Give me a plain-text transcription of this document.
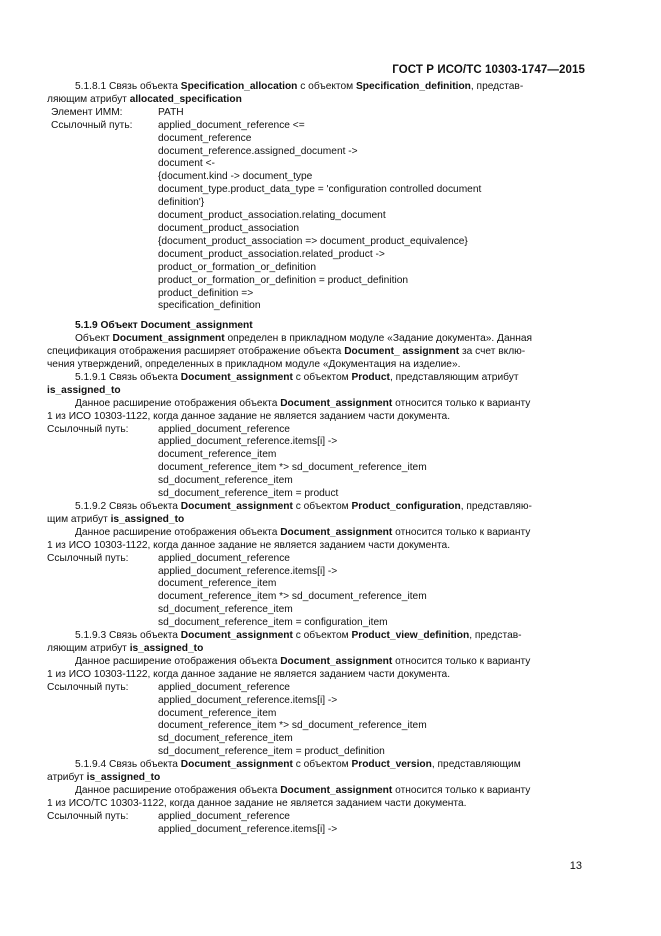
ГОСТ Р ИСО/ТС 10303-1747—2015

5.1.8.1 Связь объекта Specification_allocation с объектом Specification_definition, представ-

ляющим атрибут allocated_specification

Элемент ИММ:	PATH
Ссылочный путь:	applied_document_reference <=
document_reference
document_reference.assigned_document ->
document <-
{document.kind -> document_type
document_type.product_data_type = 'configuration controlled document
definition'}
document_product_association.relating_document
document_product_association
{document_product_association => document_product_equivalence}
document_product_association.related_product ->
product_or_formation_or_definition
product_or_formation_or_definition = product_definition
product_definition =>
specification_definition

5.1.9 Объект Document_assignment

Объект Document_assignment определен в прикладном модуле «Задание документа». Данная

спецификация отображения расширяет отображение объекта Document_ assignment за счет вклю-

чения утверждений, определенных в прикладном модуле «Документация на изделие».

5.1.9.1 Связь объекта Document_assignment с объектом Product, представляющим атрибут

is_assigned_to

Данное расширение отображения объекта Document_assignment относится только к варианту

1 из ИСО 10303-1122, когда данное задание не является заданием части документа.

Ссылочный путь:	applied_document_reference
applied_document_reference.items[i] ->
document_reference_item
document_reference_item *> sd_document_reference_item
sd_document_reference_item
sd_document_reference_item = product

5.1.9.2 Связь объекта Document_assignment с объектом Product_configuration, представляю-

щим атрибут is_assigned_to

Данное расширение отображения объекта Document_assignment относится только к варианту

1 из ИСО 10303-1122, когда данное задание не является заданием части документа.

Ссылочный путь:	applied_document_reference
applied_document_reference.items[i] ->
document_reference_item
document_reference_item *> sd_document_reference_item
sd_document_reference_item
sd_document_reference_item = configuration_item

5.1.9.3 Связь объекта Document_assignment с объектом Product_view_definition, представ-

ляющим атрибут is_assigned_to

Данное расширение отображения объекта Document_assignment относится только к варианту

1 из ИСО 10303-1122, когда данное задание не является заданием части документа.

Ссылочный путь:	applied_document_reference
applied_document_reference.items[i] ->
document_reference_item
document_reference_item *> sd_document_reference_item
sd_document_reference_item
sd_document_reference_item = product_definition

5.1.9.4 Связь объекта Document_assignment с объектом Product_version, представляющим

атрибут is_assigned_to

Данное расширение отображения объекта Document_assignment относится только к варианту

1 из ИСО/ТС 10303-1122, когда данное задание не является заданием части документа.

Ссылочный путь:	applied_document_reference
applied_document_reference.items[i] ->
13
